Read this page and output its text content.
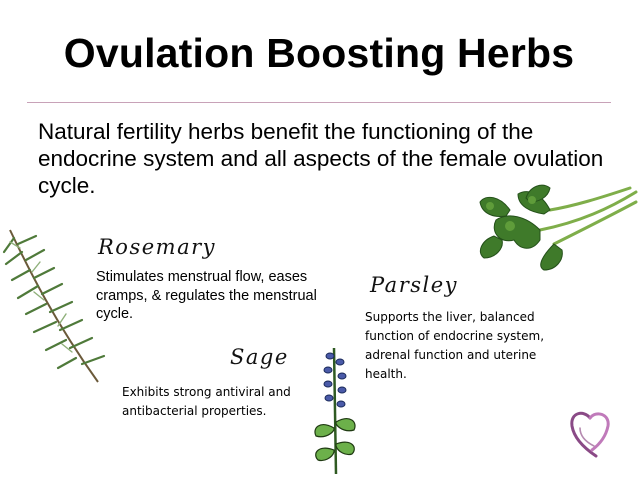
Ovulation Boosting Herbs
Natural fertility herbs benefit the functioning of the endocrine system and all aspects of the female ovulation cycle.
Rosemary
Stimulates menstrual flow, eases cramps, & regulates the menstrual cycle.
Sage
Exhibits strong antiviral and antibacterial properties.
Parsley
Supports the liver, balanced function of endocrine system, adrenal function and uterine health.
